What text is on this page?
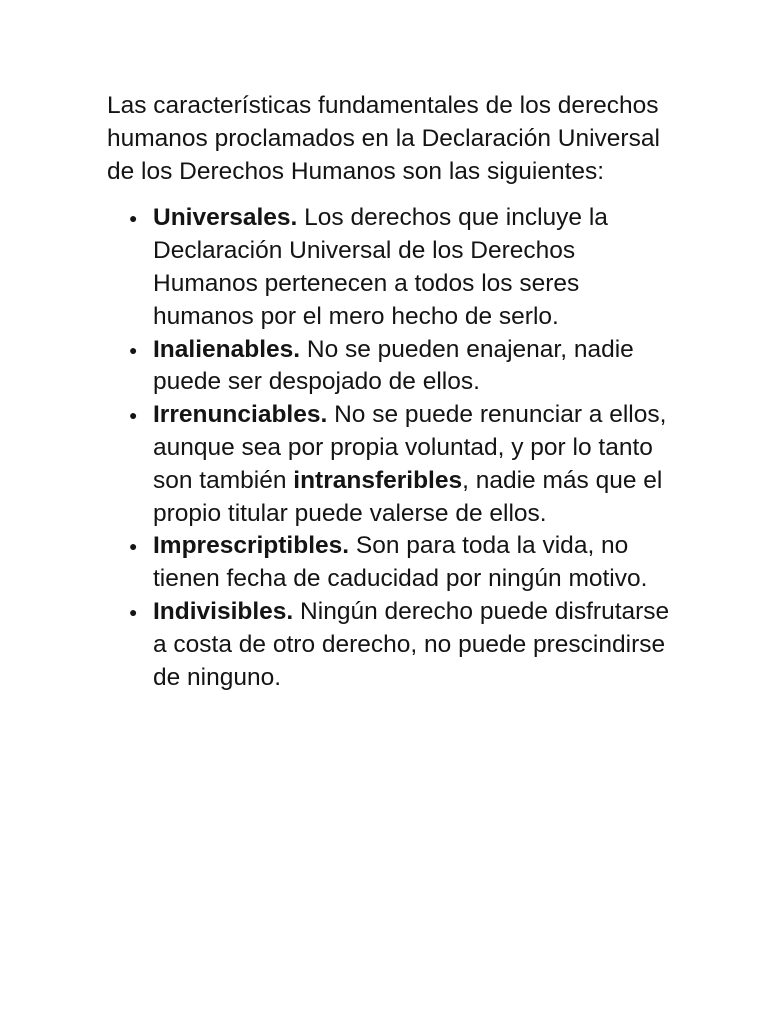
Las características fundamentales de los derechos humanos proclamados en la Declaración Universal de los Derechos Humanos son las siguientes:

● Universales. Los derechos que incluye la Declaración Universal de los Derechos Humanos pertenecen a todos los seres humanos por el mero hecho de serlo.
● Inalienables. No se pueden enajenar, nadie puede ser despojado de ellos.
● Irrenunciables. No se puede renunciar a ellos, aunque sea por propia voluntad, y por lo tanto son también intransferibles, nadie más que el propio titular puede valerse de ellos.
● Imprescriptibles. Son para toda la vida, no tienen fecha de caducidad por ningún motivo.
● Indivisibles. Ningún derecho puede disfrutarse a costa de otro derecho, no puede prescindirse de ninguno.
